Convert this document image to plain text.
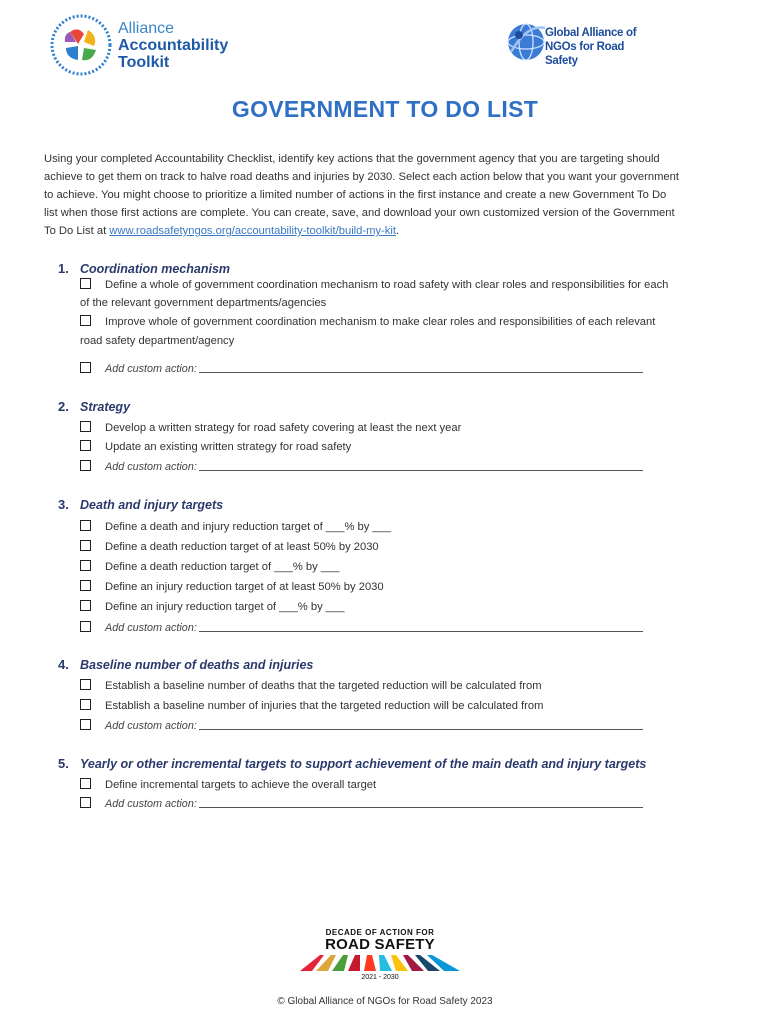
Alliance
Accountability
Toolkit
Global Alliance of
NGOs for Road Safety
GOVERNMENT TO DO LIST
Using your completed Accountability Checklist, identify key actions that the government agency that you are targeting should
achieve to get them on track to halve road deaths and injuries by 2030. Select each action below that you want your government
to achieve. You might choose to prioritize a limited number of actions in the first instance and create a new Government To Do
list when those first actions are complete. You can create, save, and download your own customized version of the Government
To Do List at www.roadsafetyngos.org/accountability-toolkit/build-my-kit.
1. Coordination mechanism
Define a whole of government coordination mechanism to road safety with clear roles and responsibilities for each
of the relevant government departments/agencies
Improve whole of government coordination mechanism to make clear roles and responsibilities of each relevant
road safety department/agency
Add custom action:
2. Strategy
Develop a written strategy for road safety covering at least the next year
Update an existing written strategy for road safety
Add custom action:
3. Death and injury targets
Define a death and injury reduction target of ___% by ___
Define a death reduction target of at least 50% by 2030
Define a death reduction target of ___% by ___
Define an injury reduction target of at least 50% by 2030
Define an injury reduction target of ___% by ___
Add custom action:
4. Baseline number of deaths and injuries
Establish a baseline number of deaths that the targeted reduction will be calculated from
Establish a baseline number of injuries that the targeted reduction will be calculated from
Add custom action:
5. Yearly or other incremental targets to support achievement of the main death and injury targets
Define incremental targets to achieve the overall target
Add custom action:
DECADE OF ACTION FOR
ROAD SAFETY
2021 - 2030
© Global Alliance of NGOs for Road Safety 2023
